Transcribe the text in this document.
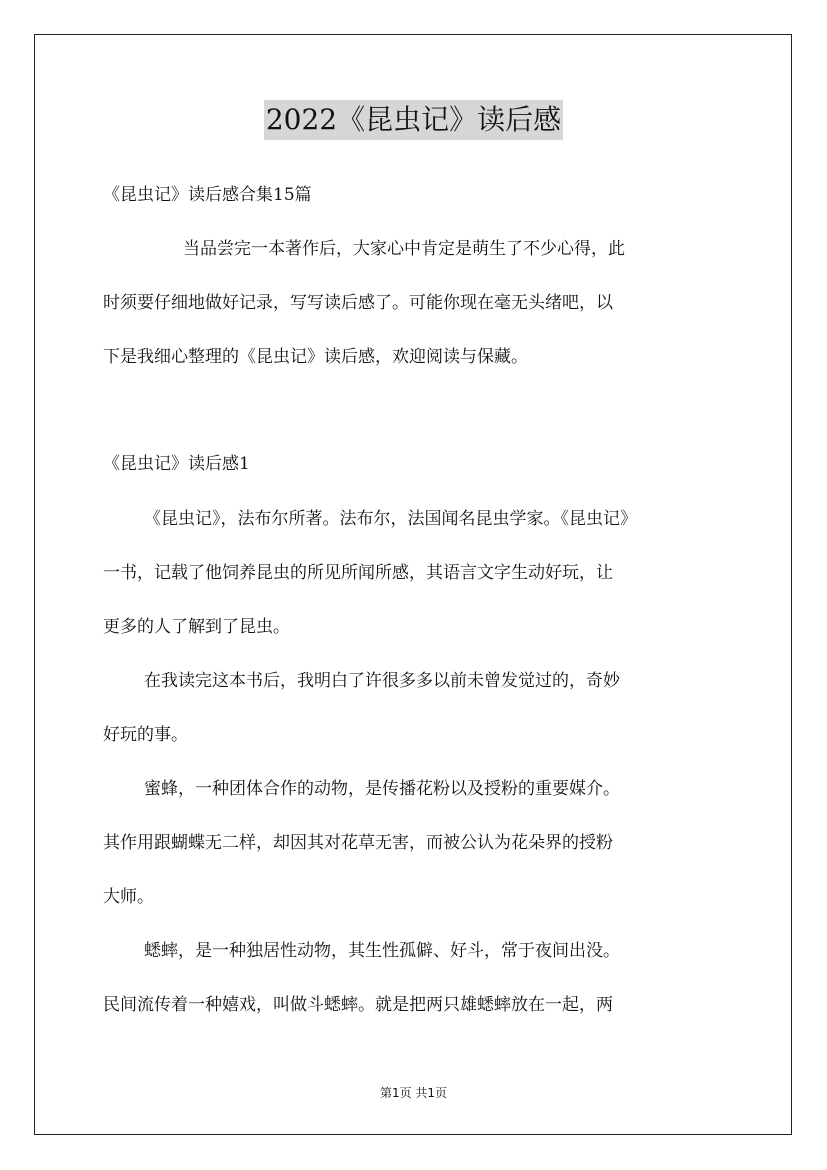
2022《昆虫记》读后感
《昆虫记》读后感合集15篇
当品尝完一本著作后，大家心中肯定是萌生了不少心得，此
时须要仔细地做好记录，写写读后感了。可能你现在毫无头绪吧，以
下是我细心整理的《昆虫记》读后感，欢迎阅读与保藏。
《昆虫记》读后感1
《昆虫记》，法布尔所著。法布尔，法国闻名昆虫学家。《昆虫记》
一书，记载了他饲养昆虫的所见所闻所感，其语言文字生动好玩，让
更多的人了解到了昆虫。
在我读完这本书后，我明白了许很多多以前未曾发觉过的，奇妙
好玩的事。
蜜蜂，一种团体合作的动物，是传播花粉以及授粉的重要媒介。
其作用跟蝴蝶无二样，却因其对花草无害，而被公认为花朵界的授粉
大师。
蟋蟀，是一种独居性动物，其生性孤僻、好斗，常于夜间出没。
民间流传着一种嬉戏，叫做斗蟋蟀。就是把两只雄蟋蟀放在一起，两
第1页 共1页
